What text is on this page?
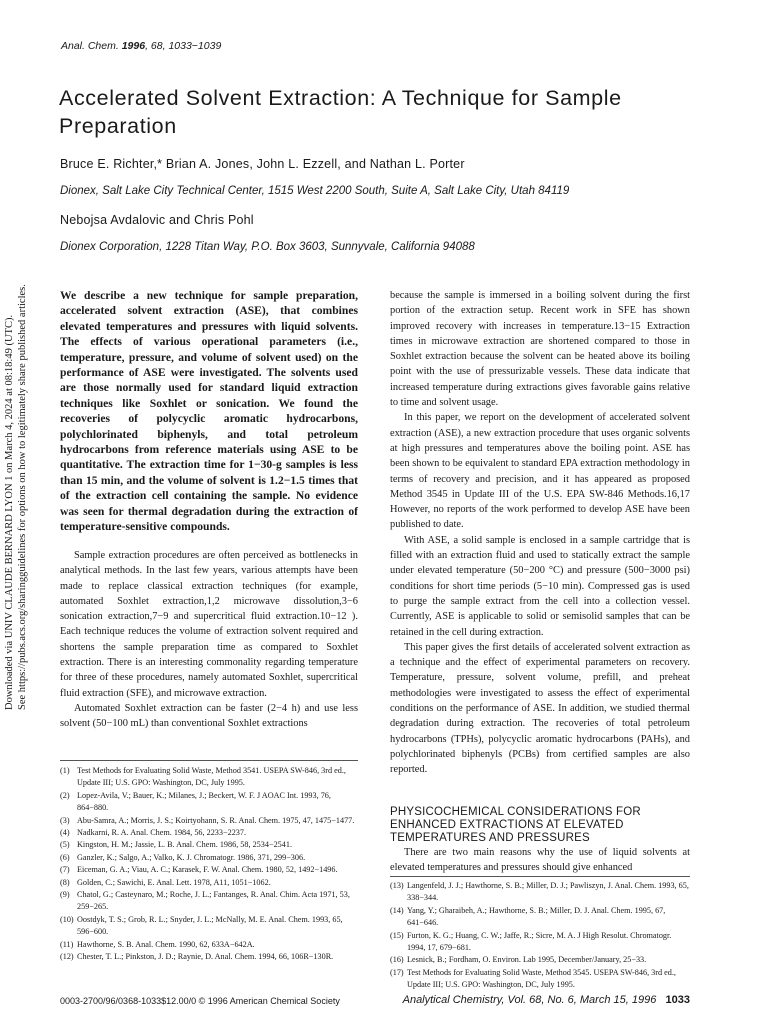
Anal. Chem. 1996, 68, 1033−1039
Accelerated Solvent Extraction: A Technique for Sample Preparation
Bruce E. Richter,* Brian A. Jones, John L. Ezzell, and Nathan L. Porter
Dionex, Salt Lake City Technical Center, 1515 West 2200 South, Suite A, Salt Lake City, Utah 84119
Nebojsa Avdalovic and Chris Pohl
Dionex Corporation, 1228 Titan Way, P.O. Box 3603, Sunnyvale, California 94088
Downloaded via UNIV CLAUDE BERNARD LYON 1 on March 4, 2024 at 08:18:49 (UTC). See https://pubs.acs.org/sharingguidelines for options on how to legitimately share published articles.	We describe a new technique for sample preparation, accelerated solvent extraction (ASE), that combines elevated temperatures and pressures with liquid solvents. The effects of various operational parameters (i.e., temperature, pressure, and volume of solvent used) on the performance of ASE were investigated. The solvents used are those normally used for standard liquid extraction techniques like Soxhlet or sonication. We found the recoveries of polycyclic aromatic hydrocarbons, polychlorinated biphenyls, and total petroleum hydrocarbons from reference materials using ASE to be quantitative. The extraction time for 1−30-g samples is less than 15 min, and the volume of solvent is 1.2−1.5 times that of the extraction cell containing the sample. No evidence was seen for thermal degradation during the extraction of temperature-sensitive compounds.

Sample extraction procedures are often perceived as bottlenecks in analytical methods. In the last few years, various attempts have been made to replace classical extraction techniques (for example, automated Soxhlet extraction,1,2 microwave dissolution,3−6 sonication extraction,7−9 and supercritical fluid extraction.10−12 ). Each technique reduces the volume of extraction solvent required and shortens the sample preparation time as compared to Soxhlet extraction. There is an interesting commonality regarding temperature for three of these procedures, namely automated Soxhlet, supercritical fluid extraction (SFE), and microwave extraction.

Automated Soxhlet extraction can be faster (2−4 h) and use less solvent (50−100 mL) than conventional Soxhlet extractions

(1) Test Methods for Evaluating Solid Waste, Method 3541. USEPA SW-846, 3rd ed., Update III; U.S. GPO: Washington, DC, July 1995.
(2) Lopez-Avila, V.; Bauer, K.; Milanes, J.; Beckert, W. F. J AOAC Int. 1993, 76, 864−880.
(3) Abu-Samra, A.; Morris, J. S.; Koirtyohann, S. R. Anal. Chem. 1975, 47, 1475−1477.
(4) Nadkarni, R. A. Anal. Chem. 1984, 56, 2233−2237.
(5) Kingston, H. M.; Jassie, L. B. Anal. Chem. 1986, 58, 2534−2541.
(6) Ganzler, K.; Salgo, A.; Valko, K. J. Chromatogr. 1986, 371, 299−306.
(7) Eiceman, G. A.; Viau, A. C.; Karasek, F. W. Anal. Chem. 1980, 52, 1492−1496.
(8) Golden, C.; Sawichi, E. Anal. Lett. 1978, A11, 1051−1062.
(9) Chatol, G.; Casteynaro, M.; Roche, J. L.; Fantanges, R. Anal. Chim. Acta 1971, 53, 259−265.
(10) Oostdyk, T. S.; Grob, R. L.; Snyder, J. L.; McNally, M. E. Anal. Chem. 1993, 65, 596−600.
(11) Hawthorne, S. B. Anal. Chem. 1990, 62, 633A−642A.
(12) Chester, T. L.; Pinkston, J. D.; Raynie, D. Anal. Chem. 1994, 66, 106R−130R.

because the sample is immersed in a boiling solvent during the first portion of the extraction setup. Recent work in SFE has shown improved recovery with increases in temperature.13−15 Extraction times in microwave extraction are shortened compared to those in Soxhlet extraction because the solvent can be heated above its boiling point with the use of pressurizable vessels. These data indicate that increased temperature during extractions gives favorable gains relative to time and solvent usage.

In this paper, we report on the development of accelerated solvent extraction (ASE), a new extraction procedure that uses organic solvents at high pressures and temperatures above the boiling point. ASE has been shown to be equivalent to standard EPA extraction methodology in terms of recovery and precision, and it has appeared as proposed Method 3545 in Update III of the U.S. EPA SW-846 Methods.16,17 However, no reports of the work performed to develop ASE have been published to date.

With ASE, a solid sample is enclosed in a sample cartridge that is filled with an extraction fluid and used to statically extract the sample under elevated temperature (50−200 °C) and pressure (500−3000 psi) conditions for short time periods (5−10 min). Compressed gas is used to purge the sample extract from the cell into a collection vessel. Currently, ASE is applicable to solid or semisolid samples that can be retained in the cell during extraction.

This paper gives the first details of accelerated solvent extraction as a technique and the effect of experimental parameters on recovery. Temperature, pressure, solvent volume, prefill, and preheat methodologies were investigated to assess the effect of experimental conditions on the performance of ASE. In addition, we studied thermal degradation during extraction. The recoveries of total petroleum hydrocarbons (TPHs), polycyclic aromatic hydrocarbons (PAHs), and polychlorinated biphenyls (PCBs) from certified samples are also reported.

PHYSICOCHEMICAL CONSIDERATIONS FOR ENHANCED EXTRACTIONS AT ELEVATED TEMPERATURES AND PRESSURES

There are two main reasons why the use of liquid solvents at elevated temperatures and pressures should give enhanced

(13) Langenfeld, J. J.; Hawthorne, S. B.; Miller, D. J.; Pawliszyn, J. Anal. Chem. 1993, 65, 338−344.
(14) Yang, Y.; Gharaibeh, A.; Hawthorne, S. B.; Miller, D. J. Anal. Chem. 1995, 67, 641−646.
(15) Furton, K. G.; Huang, C. W.; Jaffe, R.; Sicre, M. A. J High Resolut. Chromatogr. 1994, 17, 679−681.
(16) Lesnick, B.; Fordham, O. Environ. Lab 1995, December/January, 25−33.
(17) Test Methods for Evaluating Solid Waste, Method 3545. USEPA SW-846, 3rd ed., Update III; U.S. GPO: Washington, DC, July 1995.
0003-2700/96/0368-1033$12.00/0 © 1996 American Chemical Society	Analytical Chemistry, Vol. 68, No. 6, March 15, 1996 1033
